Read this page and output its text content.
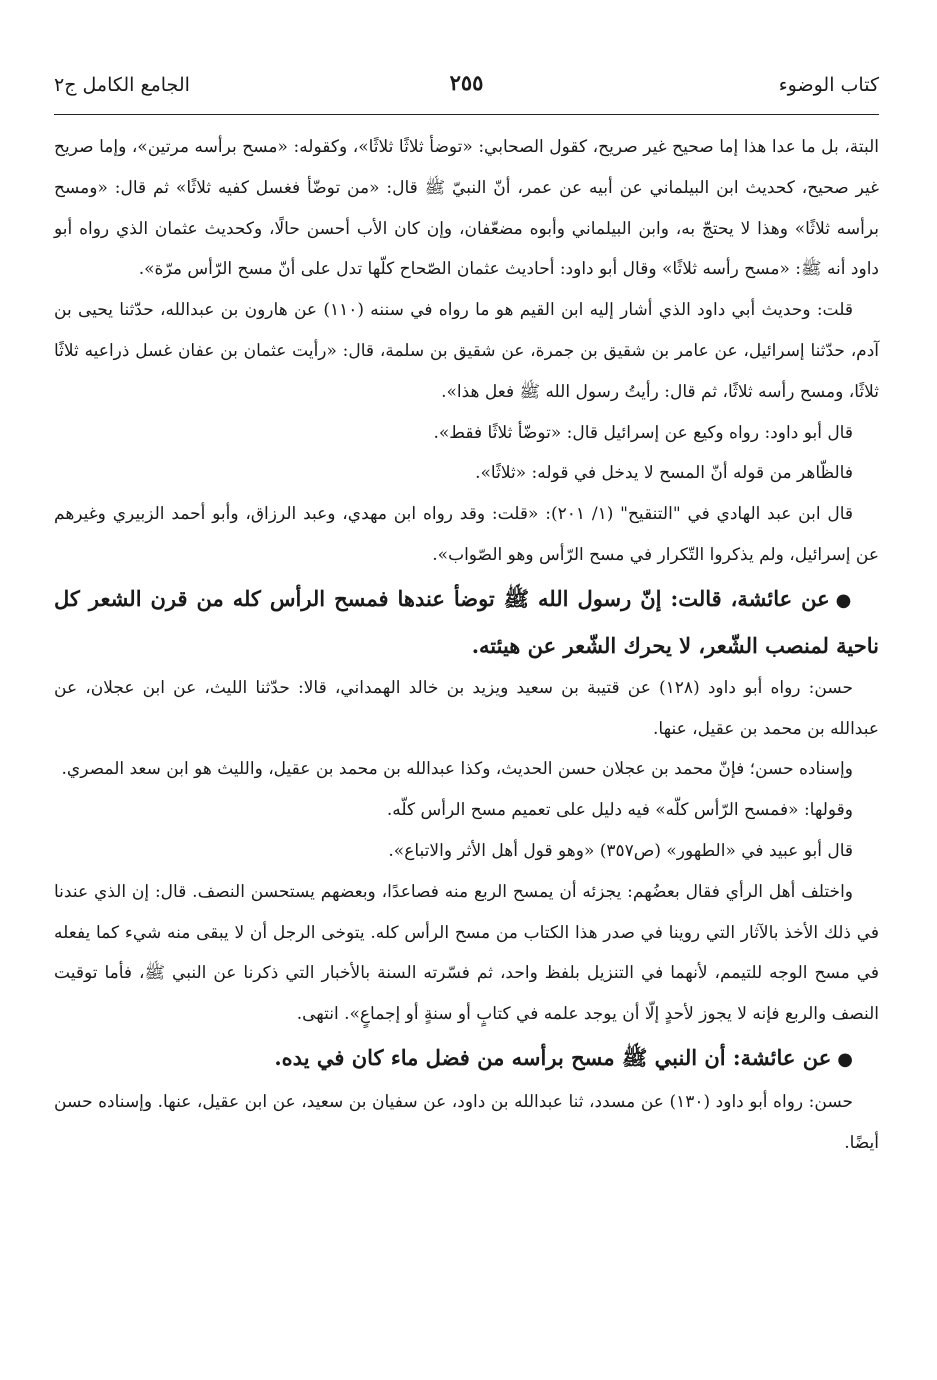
كتاب الوضوء
٢٥٥
الجامع الكامل ج٢

البتة، بل ما عدا هذا إما صحيح غير صريح، كقول الصحابي: «توضأ ثلاثًا ثلاثًا»، وكقوله: «مسح برأسه مرتين»، وإما صريح غير صحيح، كحديث ابن البيلماني عن أبيه عن عمر، أنّ النبيّ ﷺ قال: «من توضّأ فغسل كفيه ثلاثًا» ثم قال: «ومسح برأسه ثلاثًا» وهذا لا يحتجّ به، وابن البيلماني وأبوه مضعّفان، وإن كان الأب أحسن حالًا، وكحديث عثمان الذي رواه أبو داود أنه ﷺ: «مسح رأسه ثلاثًا» وقال أبو داود: أحاديث عثمان الصّحاح كلّها تدل على أنّ مسح الرّأس مرّة».

قلت: وحديث أبي داود الذي أشار إليه ابن القيم هو ما رواه في سننه (١١٠) عن هارون بن عبدالله، حدّثنا يحيى بن آدم، حدّثنا إسرائيل، عن عامر بن شقيق بن جمرة، عن شقيق بن سلمة، قال: «رأيت عثمان بن عفان غسل ذراعيه ثلاثًا ثلاثًا، ومسح رأسه ثلاثًا، ثم قال: رأيتُ رسول الله ﷺ فعل هذا».

قال أبو داود: رواه وكيع عن إسرائيل قال: «توضّأ ثلاثًا فقط».

فالظّاهر من قوله أنّ المسح لا يدخل في قوله: «ثلاثًا».

قال ابن عبد الهادي في "التنقيح" (١/ ٢٠١): «قلت: وقد رواه ابن مهدي، وعبد الرزاق، وأبو أحمد الزبيري وغيرهم عن إسرائيل، ولم يذكروا التّكرار في مسح الرّأس وهو الصّواب».

●عن عائشة، قالت: إنّ رسول الله ﷺ توضأ عندها فمسح الرأس كله من قرن الشعر كل ناحية لمنصب الشّعر، لا يحرك الشّعر عن هيئته.

حسن: رواه أبو داود (١٢٨) عن قتيبة بن سعيد ويزيد بن خالد الهمداني، قالا: حدّثنا الليث، عن ابن عجلان، عن عبدالله بن محمد بن عقيل، عنها.

وإسناده حسن؛ فإنّ محمد بن عجلان حسن الحديث، وكذا عبدالله بن محمد بن عقيل، والليث هو ابن سعد المصري.

وقولها: «فمسح الرّأس كلّه» فيه دليل على تعميم مسح الرأس كلّه.

قال أبو عبيد في «الطهور» (ص٣٥٧) «وهو قول أهل الأثر والاتباع».

واختلف أهل الرأي فقال بعضُهم: يجزئه أن يمسح الربع منه فصاعدًا، وبعضهم يستحسن النصف. قال: إن الذي عندنا في ذلك الأخذ بالآثار التي روينا في صدر هذا الكتاب من مسح الرأس كله. يتوخى الرجل أن لا يبقى منه شيء كما يفعله في مسح الوجه للتيمم، لأنهما في التنزيل بلفظ واحد، ثم فسّرته السنة بالأخبار التي ذكرنا عن النبي ﷺ، فأما توقيت النصف والربع فإنه لا يجوز لأحدٍ إلّا أن يوجد علمه في كتابٍ أو سنةٍ أو إجماعٍ». انتهى.

●عن عائشة: أن النبي ﷺ مسح برأسه من فضل ماء كان في يده.

حسن: رواه أبو داود (١٣٠) عن مسدد، ثنا عبدالله بن داود، عن سفيان بن سعيد، عن ابن عقيل، عنها. وإسناده حسن أيضًا.
